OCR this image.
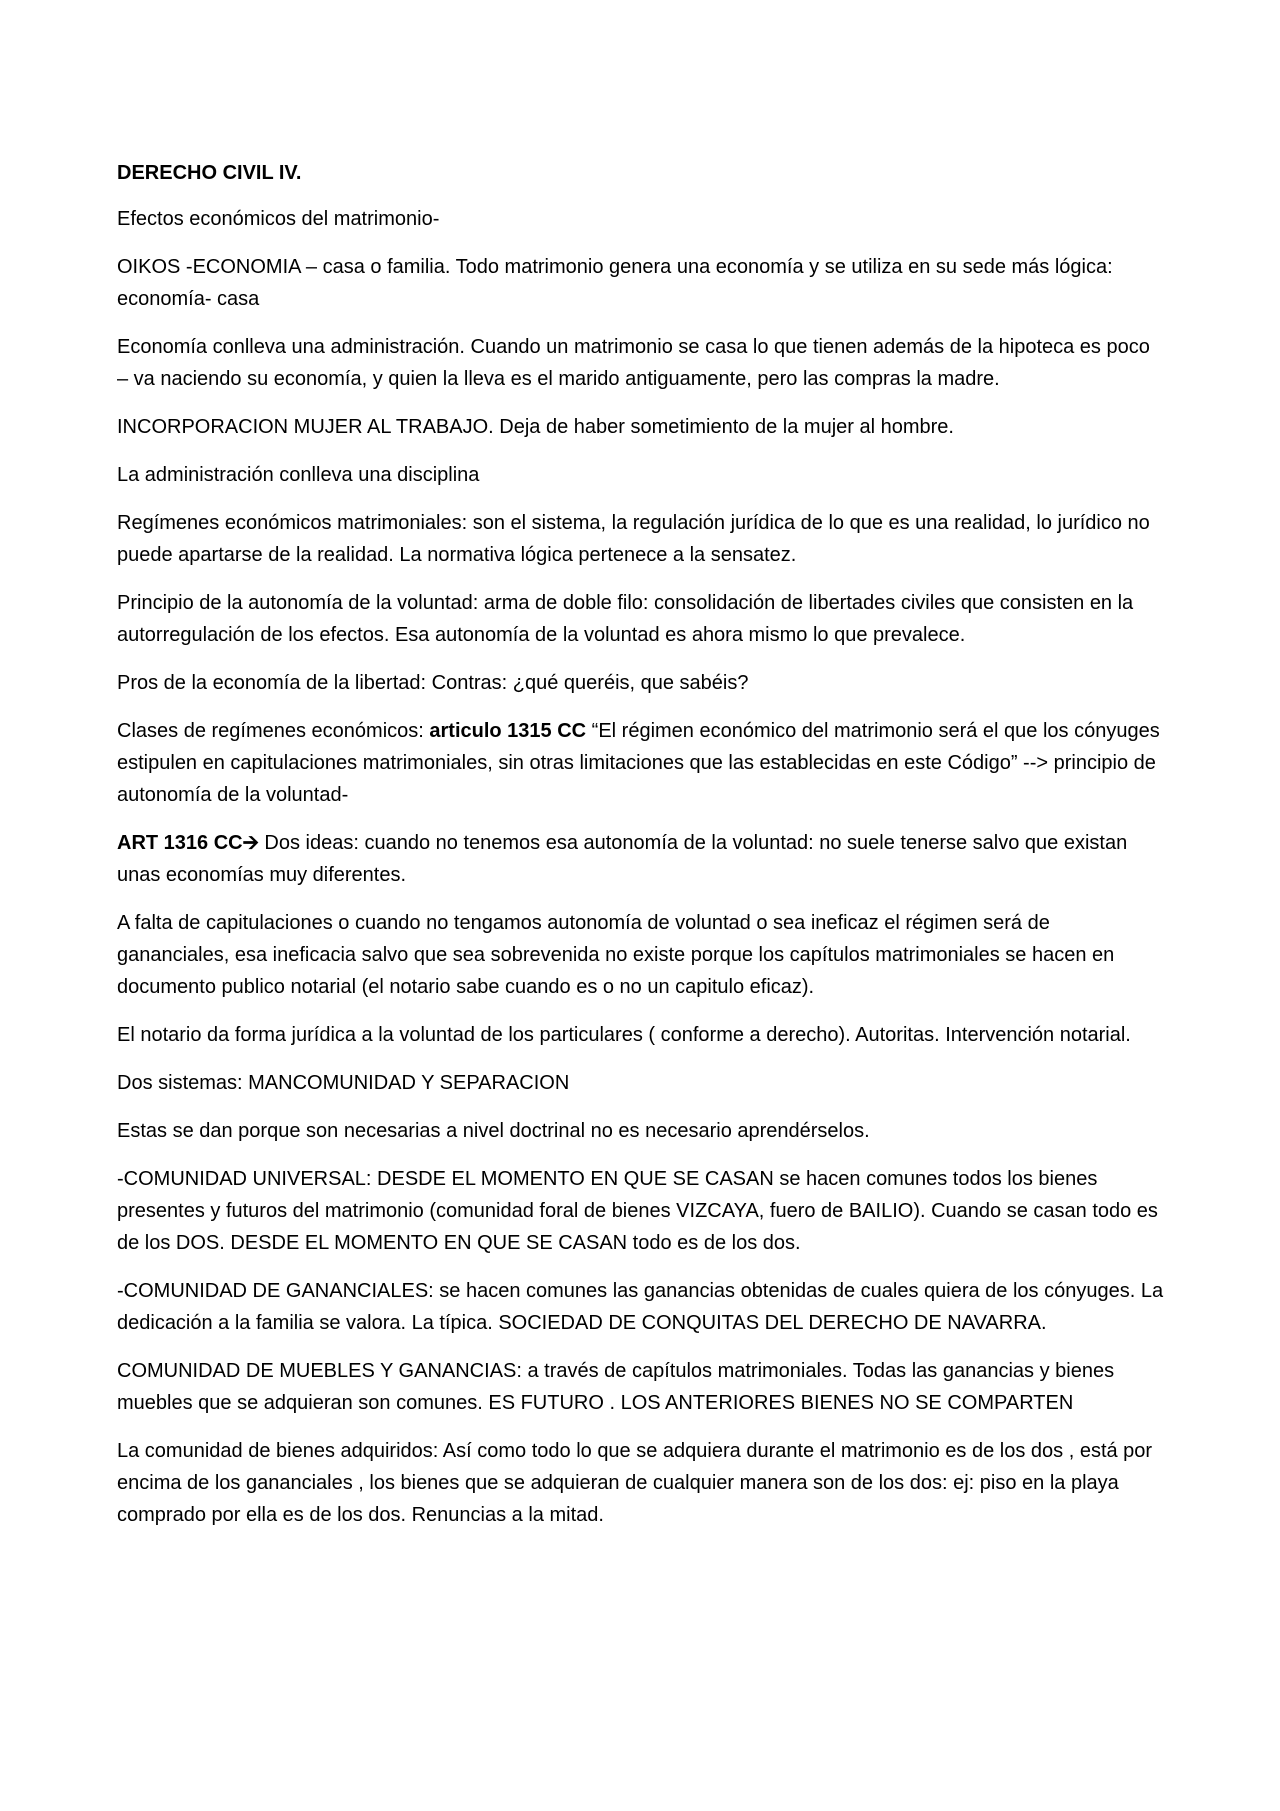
DERECHO CIVIL IV.

Efectos económicos del matrimonio-

OIKOS -ECONOMIA – casa o familia. Todo matrimonio genera una economía y se utiliza en su sede más lógica: economía- casa

Economía conlleva una administración. Cuando un matrimonio se casa lo que tienen además de la hipoteca es poco – va naciendo su economía, y quien la lleva es el marido antiguamente, pero las compras la madre.

INCORPORACION MUJER AL TRABAJO. Deja de haber sometimiento de la mujer al hombre.

La administración conlleva una disciplina

Regímenes económicos matrimoniales: son el sistema, la regulación jurídica de lo que es una realidad, lo jurídico no puede apartarse de la realidad. La normativa lógica pertenece a la sensatez.

Principio de la autonomía de la voluntad: arma de doble filo: consolidación de libertades civiles que consisten en la autorregulación de los efectos. Esa autonomía de la voluntad es ahora mismo lo que prevalece.

Pros de la economía de la libertad: Contras: ¿qué queréis, que sabéis?

Clases de regímenes económicos: articulo 1315 CC “El régimen económico del matrimonio será el que los cónyuges estipulen en capitulaciones matrimoniales, sin otras limitaciones que las establecidas en este Código” --> principio de autonomía de la voluntad-

ART 1316 CC🡪 Dos ideas: cuando no tenemos esa autonomía de la voluntad: no suele tenerse salvo que existan unas economías muy diferentes.

A falta de capitulaciones o cuando no tengamos autonomía de voluntad o sea ineficaz el régimen será de gananciales, esa ineficacia salvo que sea sobrevenida no existe porque los capítulos matrimoniales se hacen en documento publico notarial (el notario sabe cuando es o no un capitulo eficaz).

El notario da forma jurídica a la voluntad de los particulares ( conforme a derecho). Autoritas. Intervención notarial.

Dos sistemas: MANCOMUNIDAD Y SEPARACION

Estas se dan porque son necesarias a nivel doctrinal no es necesario aprendérselos.

-COMUNIDAD UNIVERSAL: DESDE EL MOMENTO EN QUE SE CASAN se hacen comunes todos los bienes presentes y futuros del matrimonio (comunidad foral de bienes VIZCAYA, fuero de BAILIO). Cuando se casan todo es de los DOS. DESDE EL MOMENTO EN QUE SE CASAN todo es de los dos.

-COMUNIDAD DE GANANCIALES: se hacen comunes las ganancias obtenidas de cuales quiera de los cónyuges. La dedicación a la familia se valora. La típica. SOCIEDAD DE CONQUITAS DEL DERECHO DE NAVARRA.

COMUNIDAD DE MUEBLES Y GANANCIAS: a través de capítulos matrimoniales. Todas las ganancias y bienes muebles que se adquieran son comunes. ES FUTURO . LOS ANTERIORES BIENES NO SE COMPARTEN

La comunidad de bienes adquiridos: Así como todo lo que se adquiera durante el matrimonio es de los dos , está por encima de los gananciales , los bienes que se adquieran de cualquier manera son de los dos: ej: piso en la playa comprado por ella es de los dos. Renuncias a la mitad.
